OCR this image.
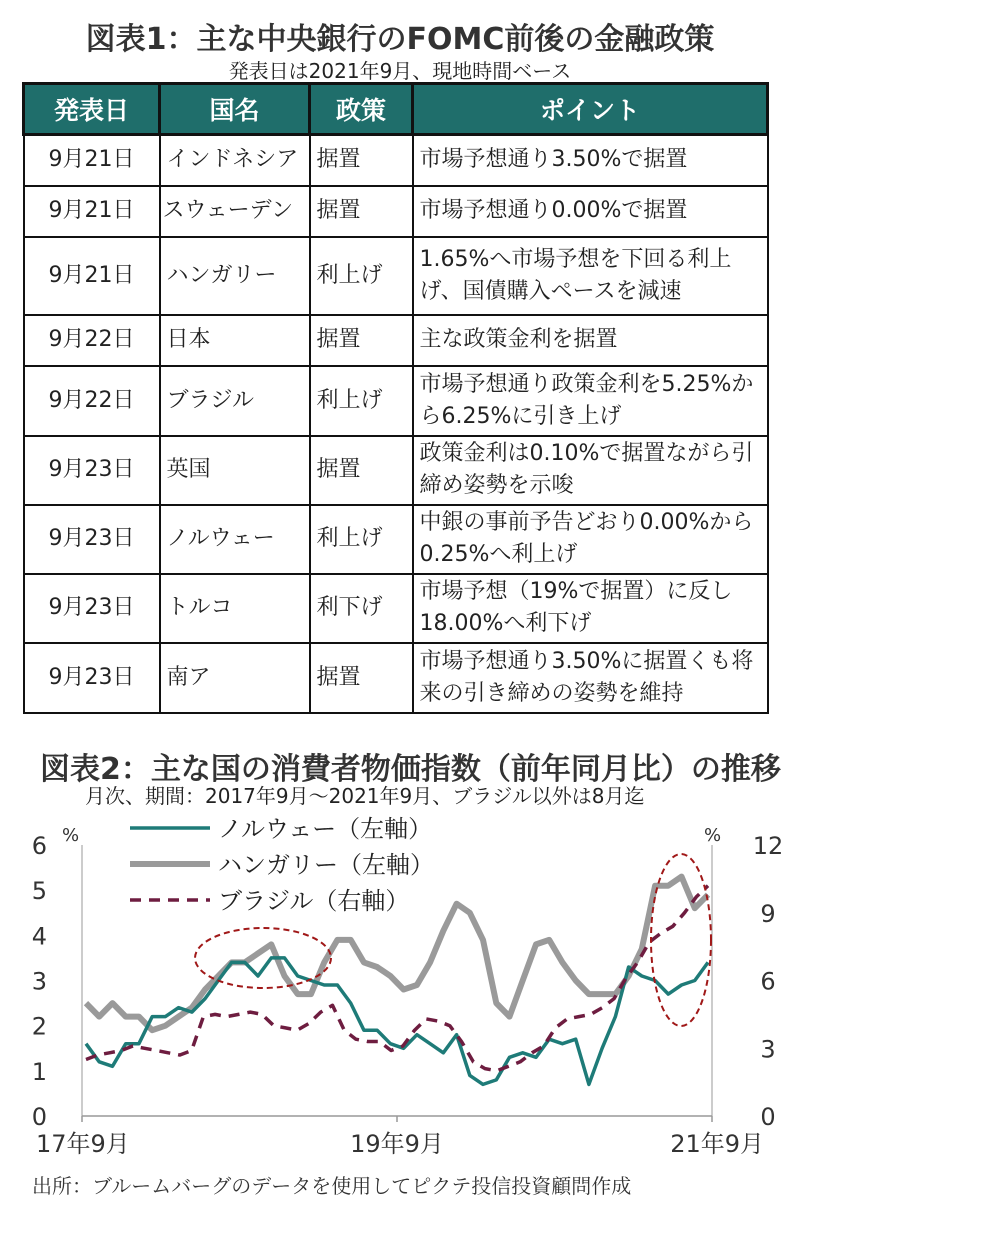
図表1：主な中央銀行のFOMC前後の金融政策
発表日は2021年9月、現地時間ベース
発表日	国名	政策	ポイント
9月21日	インドネシア	据置	市場予想通り3.50%で据置
9月21日	スウェーデン	据置	市場予想通り0.00%で据置
9月21日	ハンガリー	利上げ	1.65%へ市場予想を下回る利上げ、国債購入ペースを減速
9月22日	日本	据置	主な政策金利を据置
9月22日	ブラジル	利上げ	市場予想通り政策金利を5.25%から6.25%に引き上げ
9月23日	英国	据置	政策金利は0.10%で据置ながら引締め姿勢を示唆
9月23日	ノルウェー	利上げ	中銀の事前予告どおり0.00%から0.25%へ利上げ
9月23日	トルコ	利下げ	市場予想（19%で据置）に反し18.00%へ利下げ
9月23日	南ア	据置	市場予想通り3.50%に据置くも将来の引き締めの姿勢を維持
図表2：主な国の消費者物価指数（前年同月比）の推移
月次、期間：2017年9月～2021年9月、ブラジル以外は8月迄
0
1
2
3
4
5
6
0
3
6
9
12
%	%
17年9月	19年9月	21年9月
ノルウェー（左軸）
ハンガリー（左軸）
ブラジル（右軸）
出所：ブルームバーグのデータを使用してピクテ投信投資顧問作成
